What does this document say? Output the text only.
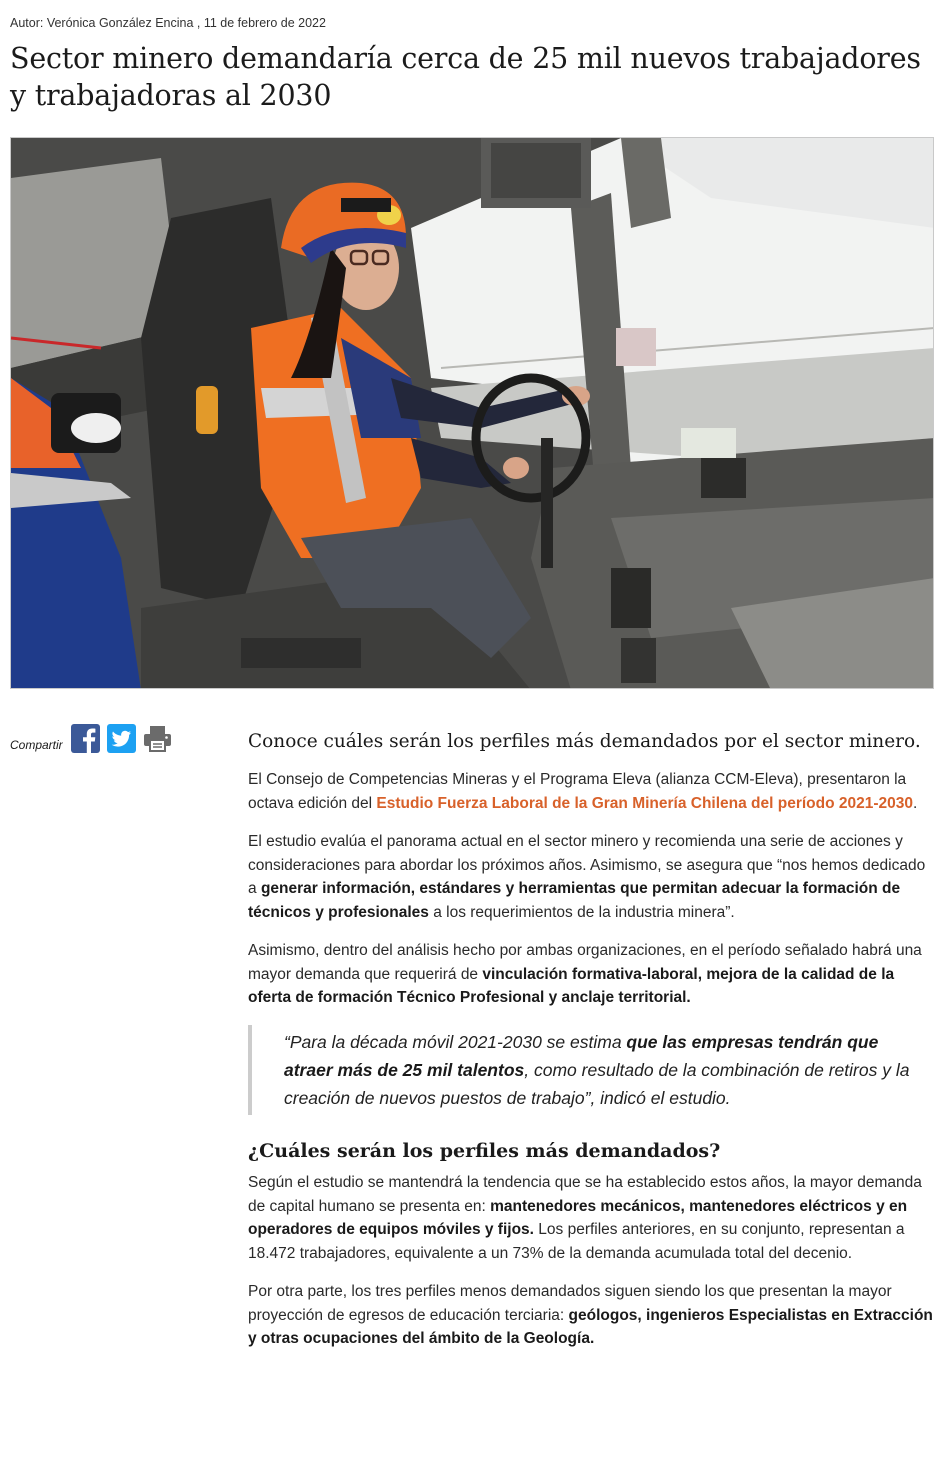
Autor: Verónica González Encina , 11 de febrero de 2022
Sector minero demandaría cerca de 25 mil nuevos trabajadores y trabajadoras al 2030
Compartir	Conoce cuáles serán los perfiles más demandados por el sector minero.

El Consejo de Competencias Mineras y el Programa Eleva (alianza CCM-Eleva), presentaron la octava edición del Estudio Fuerza Laboral de la Gran Minería Chilena del período 2021-2030.

El estudio evalúa el panorama actual en el sector minero y recomienda una serie de acciones y consideraciones para abordar los próximos años. Asimismo, se asegura que “nos hemos dedicado a generar información, estándares y herramientas que permitan adecuar la formación de técnicos y profesionales a los requerimientos de la industria minera”.

Asimismo, dentro del análisis hecho por ambas organizaciones, en el período señalado habrá una mayor demanda que requerirá de vinculación formativa-laboral, mejora de la calidad de la oferta de formación Técnico Profesional y anclaje territorial.

“Para la década móvil 2021-2030 se estima que las empresas tendrán que atraer más de 25 mil talentos, como resultado de la combinación de retiros y la creación de nuevos puestos de trabajo”, indicó el estudio.
¿Cuáles serán los perfiles más demandados?

Según el estudio se mantendrá la tendencia que se ha establecido estos años, la mayor demanda de capital humano se presenta en: mantenedores mecánicos, mantenedores eléctricos y en operadores de equipos móviles y fijos. Los perfiles anteriores, en su conjunto, representan a 18.472 trabajadores, equivalente a un 73% de la demanda acumulada total del decenio.

Por otra parte, los tres perfiles menos demandados siguen siendo los que presentan la mayor proyección de egresos de educación terciaria: geólogos, ingenieros Especialistas en Extracción y otras ocupaciones del ámbito de la Geología.
